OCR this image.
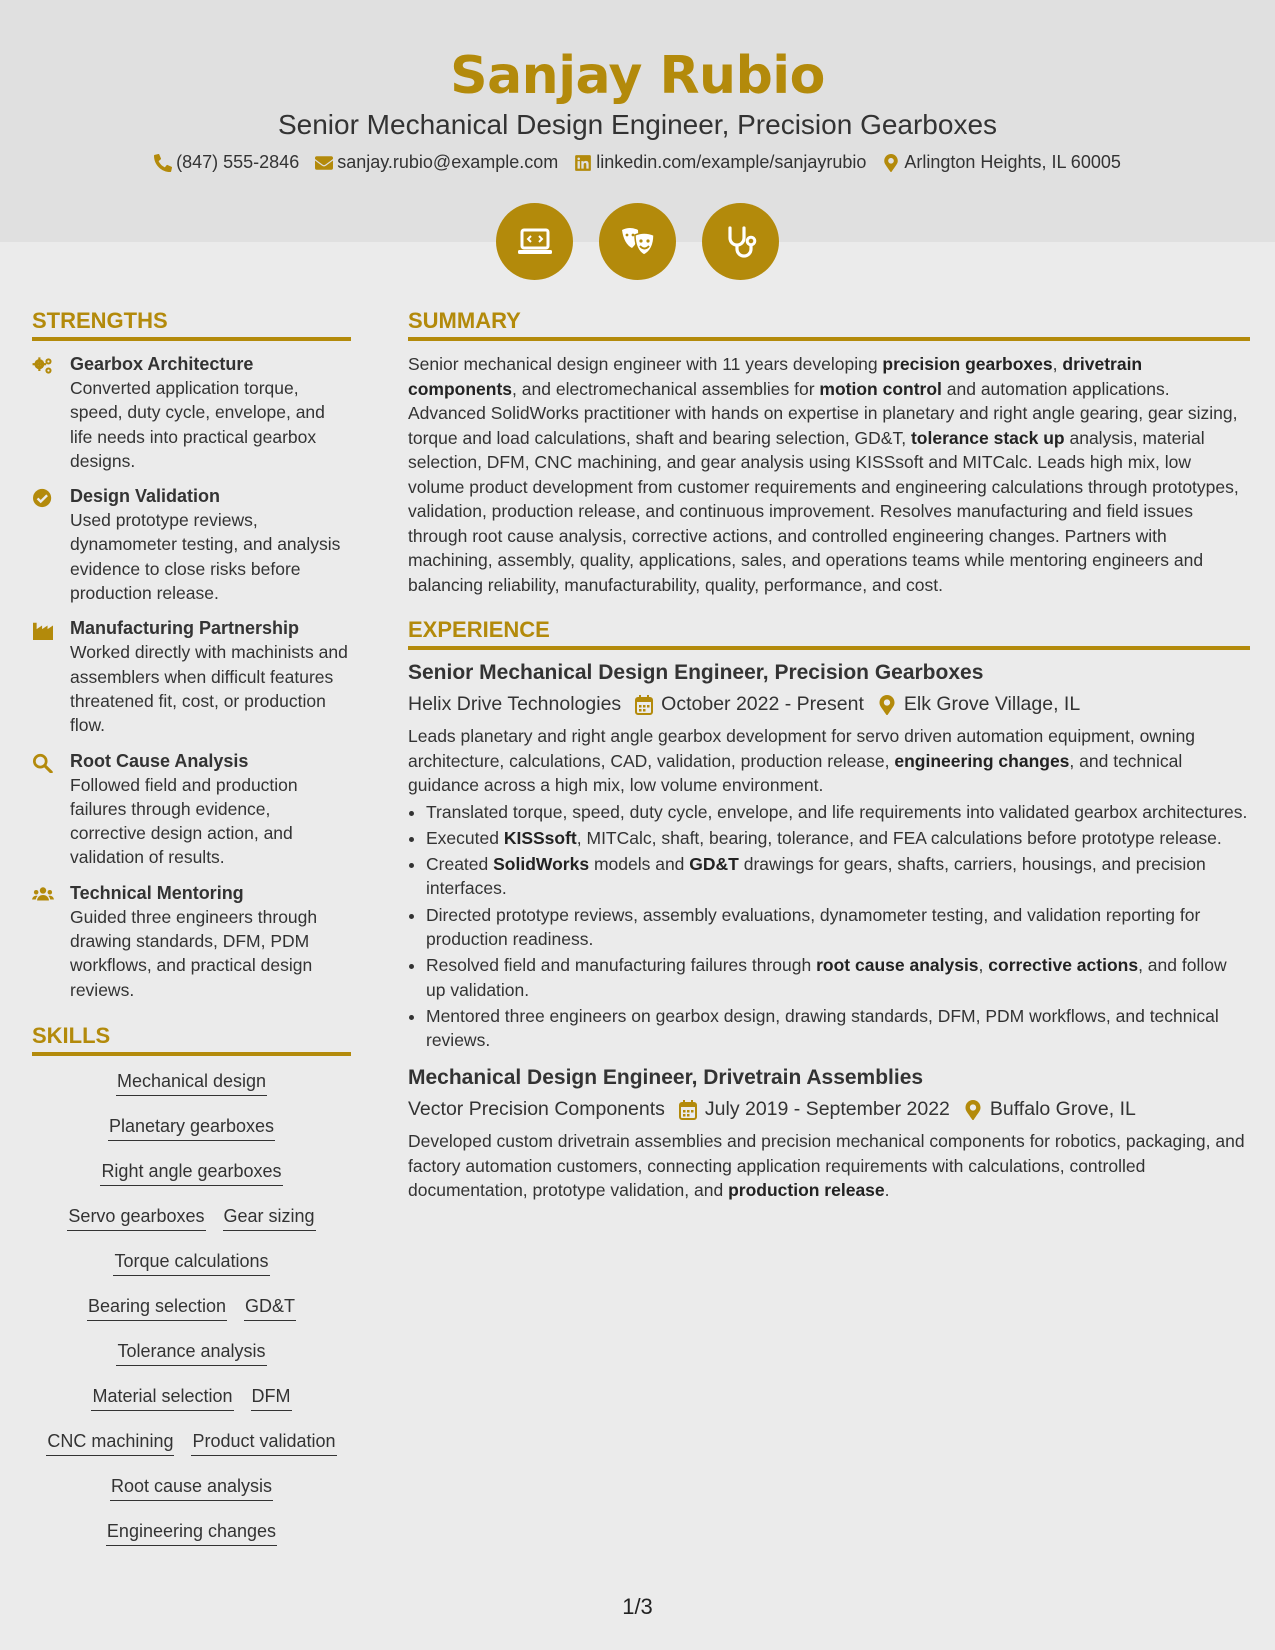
Sanjay Rubio
Senior Mechanical Design Engineer, Precision Gearboxes
(847) 555-2846 sanjay.rubio@example.com linkedin.com/example/sanjayrubio Arlington Heights, IL 60005
STRENGTHS
Gearbox Architecture
Converted application torque, speed, duty cycle, envelope, and life needs into practical gearbox designs.
Design Validation
Used prototype reviews, dynamometer testing, and analysis evidence to close risks before production release.
Manufacturing Partnership
Worked directly with machinists and assemblers when difficult features threatened fit, cost, or production flow.
Root Cause Analysis
Followed field and production failures through evidence, corrective design action, and validation of results.
Technical Mentoring
Guided three engineers through drawing standards, DFM, PDM workflows, and practical design reviews.
SKILLS
Mechanical design
Planetary gearboxes
Right angle gearboxes
Servo gearboxes Gear sizing
Torque calculations
Bearing selection GD&T
Tolerance analysis
Material selection DFM
CNC machining Product validation
Root cause analysis
Engineering changes
SUMMARY
Senior mechanical design engineer with 11 years developing precision gearboxes, drivetrain components, and electromechanical assemblies for motion control and automation applications. Advanced SolidWorks practitioner with hands on expertise in planetary and right angle gearing, gear sizing, torque and load calculations, shaft and bearing selection, GD&T, tolerance stack up analysis, material selection, DFM, CNC machining, and gear analysis using KISSsoft and MITCalc. Leads high mix, low volume product development from customer requirements and engineering calculations through prototypes, validation, production release, and continuous improvement. Resolves manufacturing and field issues through root cause analysis, corrective actions, and controlled engineering changes. Partners with machining, assembly, quality, applications, sales, and operations teams while mentoring engineers and balancing reliability, manufacturability, quality, performance, and cost.
EXPERIENCE
Senior Mechanical Design Engineer, Precision Gearboxes
Helix Drive Technologies October 2022 - Present Elk Grove Village, IL
Leads planetary and right angle gearbox development for servo driven automation equipment, owning architecture, calculations, CAD, validation, production release, engineering changes, and technical guidance across a high mix, low volume environment.
• Translated torque, speed, duty cycle, envelope, and life requirements into validated gearbox architectures.
• Executed KISSsoft, MITCalc, shaft, bearing, tolerance, and FEA calculations before prototype release.
• Created SolidWorks models and GD&T drawings for gears, shafts, carriers, housings, and precision interfaces.
• Directed prototype reviews, assembly evaluations, dynamometer testing, and validation reporting for production readiness.
• Resolved field and manufacturing failures through root cause analysis, corrective actions, and follow up validation.
• Mentored three engineers on gearbox design, drawing standards, DFM, PDM workflows, and technical reviews.
Mechanical Design Engineer, Drivetrain Assemblies
Vector Precision Components July 2019 - September 2022 Buffalo Grove, IL
Developed custom drivetrain assemblies and precision mechanical components for robotics, packaging, and factory automation customers, connecting application requirements with calculations, controlled documentation, prototype validation, and production release.
1/3
